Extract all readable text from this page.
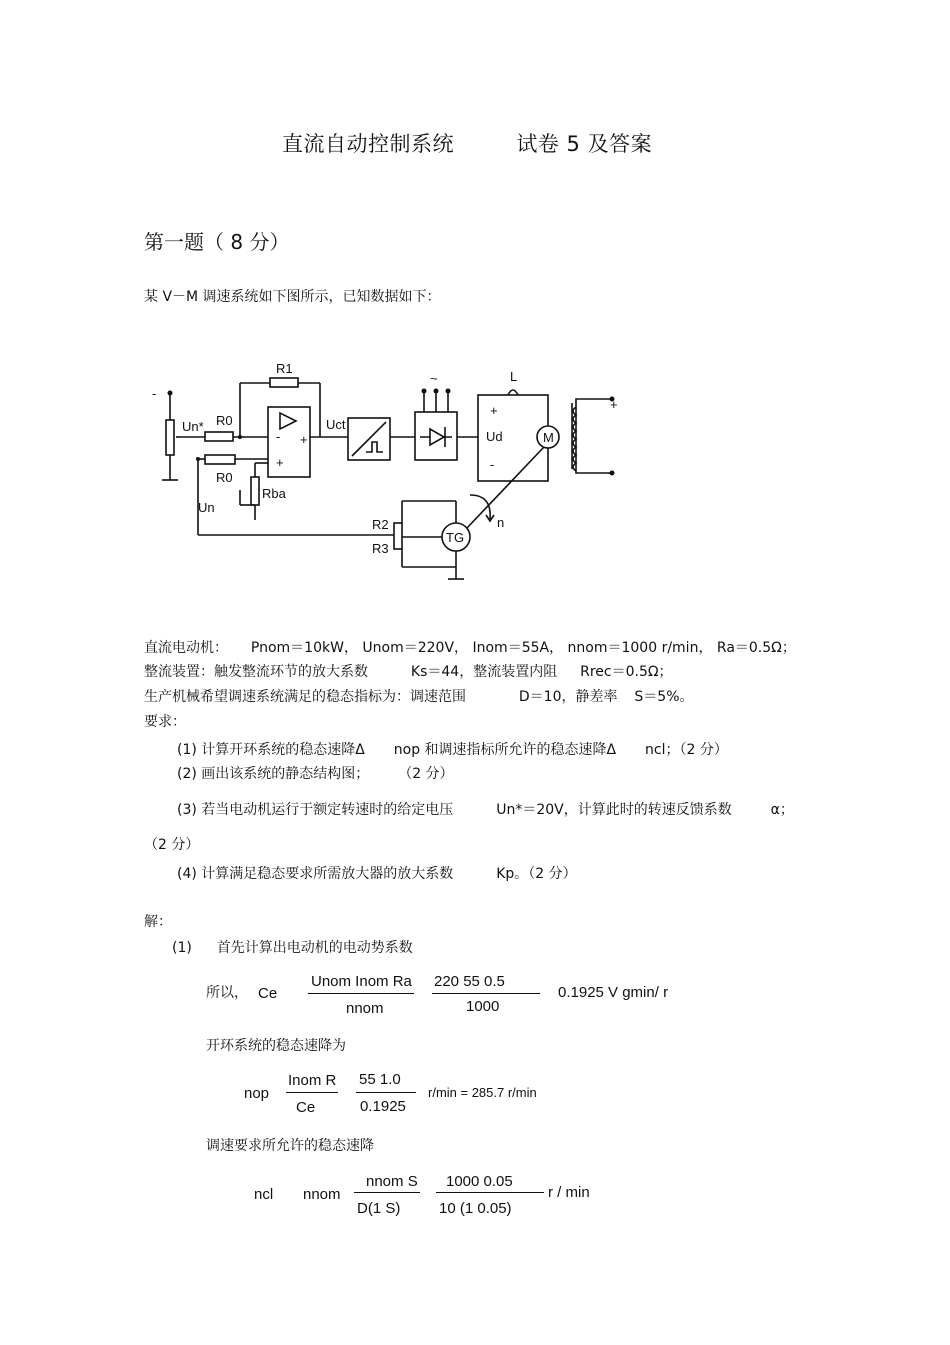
直流自动控制系统	试卷 5 及答案
第一题（ 8 分）
某 V－M 调速系统如下图所示，已知数据如下：
-
R1
L
~
+
-
Un* R0	Uct
Ud	M
+
-
- +
+
R0
Rba
Un
R2
R3
TG
n
直流电动机： Pnom＝10kW， Unom＝220V， Inom＝55A， nnom＝1000 r/min， Ra＝0.5Ω；
整流装置：触发整流环节的放大系数	Ks＝44，整流装置内阻 Rrec＝0.5Ω；
生产机械希望调速系统满足的稳态指标为：调速范围	D＝10，静差率 S＝5%。
要求：
(1) 计算开环系统的稳态速降Δ nop 和调速指标所允许的稳态速降Δ ncl；（2 分）
(2) 画出该系统的静态结构图； （2 分）
(3) 若当电动机运行于额定转速时的给定电压	Un*＝20V，计算此时的转速反馈系数	α；
（2 分）
(4) 计算满足稳态要求所需放大器的放大系数	Kp。（2 分）
解：
(1) 首先计算出电动机的电动势系数
所以， Ce
Unom Inom Ra
nnom
220 55 0.5
1000
0.1925 V gmin/ r
开环系统的稳态速降为
nop
Inom R
Ce
55 1.0
0.1925
r/min = 285.7 r/min
调速要求所允许的稳态速降
ncl nnom
nnom S
D(1 S)
1000 0.05
10 (1 0.05)
r / min
